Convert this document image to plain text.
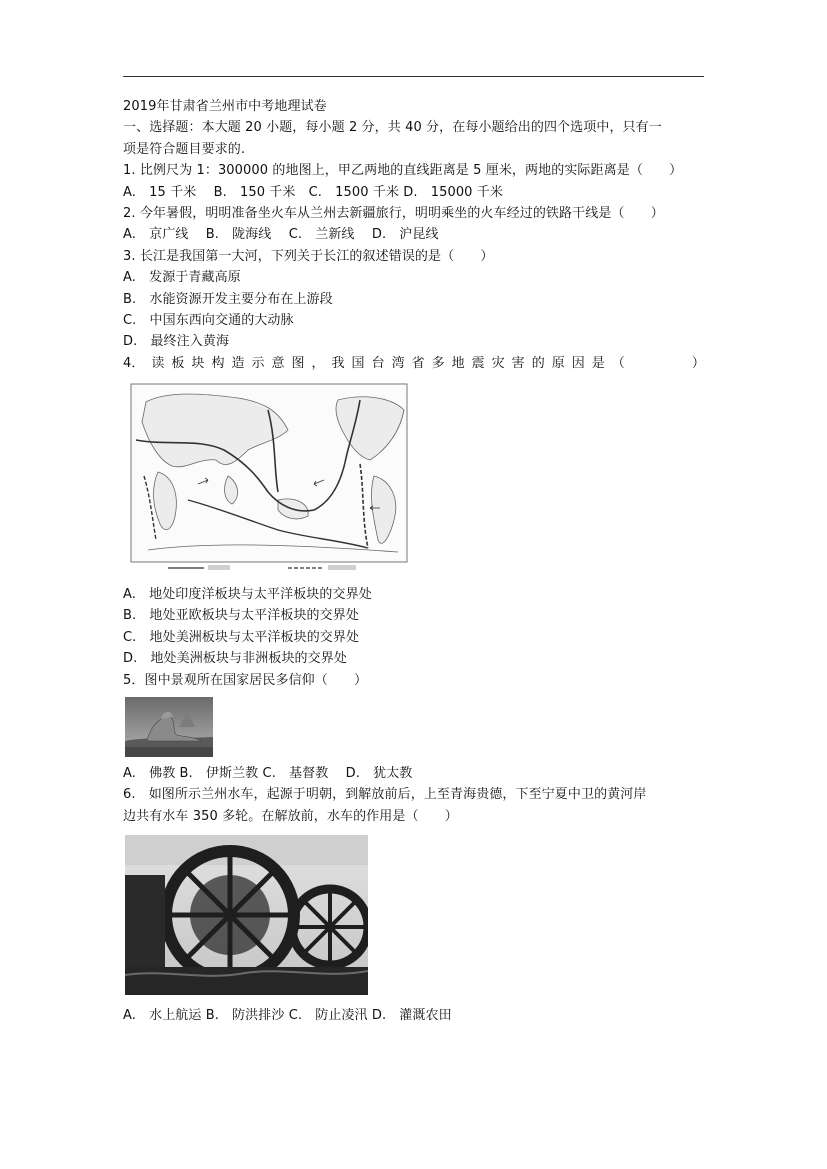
2019年甘肃省兰州市中考地理试卷
一、选择题：本大题 20 小题，每小题 2 分，共 40 分，在每小题给出的四个选项中，只有一
项是符合题目要求的.
1. 比例尺为 1：300000 的地图上，甲乙两地的直线距离是 5 厘米，两地的实际距离是（　　）
A.　15 千米　 B.　150 千米　C.　1500 千米 D.　15000 千米
2. 今年暑假，明明准备坐火车从兰州去新疆旅行，明明乘坐的火车经过的铁路干线是（　　）
A.　京广线　 B.　陇海线　 C.　兰新线　 D.　沪昆线
3. 长江是我国第一大河，下列关于长江的叙述错误的是（　　）
A.　发源于青藏高原
B.　水能资源开发主要分布在上游段
C.　中国东西向交通的大动脉
D.　最终注入黄海
4． 读 板 块 构 造 示 意 图 ， 我 国 台 湾 省 多 地 震 灾 害 的 原 因 是 （

　	）
A.　地处印度洋板块与太平洋板块的交界处
B.　地处亚欧板块与太平洋板块的交界处
C.　地处美洲板块与太平洋板块的交界处
D.　地处美洲板块与非洲板块的交界处
5．图中景观所在国家居民多信仰（　　）
A.　佛教 B.　伊斯兰教 C.　基督教　 D.　犹太教
6.　如图所示兰州水车，起源于明朝，到解放前后，上至青海贵德，下至宁夏中卫的黄河岸
边共有水车 350 多轮。在解放前，水车的作用是（　　）
A.　水上航运 B.　防洪排沙 C.　防止凌汛 D.　灌溉农田
